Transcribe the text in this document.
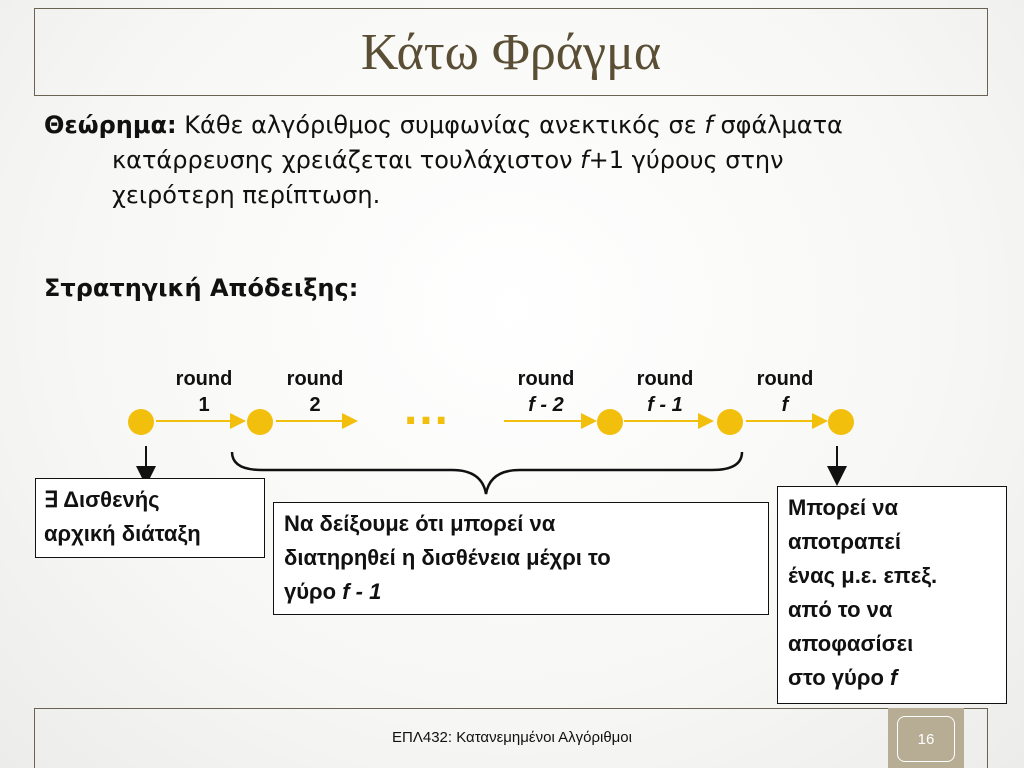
Κάτω Φράγμα
Θεώρημα: Κάθε αλγόριθμος συμφωνίας ανεκτικός σε f σφάλματα
κατάρρευσης χρειάζεται τουλάχιστον f+1 γύρους στην
χειρότερη περίπτωση.
Στρατηγική Απόδειξης:
…
round
1
round
2
round
f - 2
round
f - 1
round
f
∃ Δισθενής
αρχική διάταξη	Να δείξουμε ότι μπορεί να
διατηρηθεί η δισθένεια μέχρι το
γύρο f - 1
Μπορεί να
αποτραπεί
ένας μ.ε. επεξ.
από το να
αποφασίσει
στο γύρο f
ΕΠΛ432: Κατανεμημένοι Αλγόριθμοι	16
